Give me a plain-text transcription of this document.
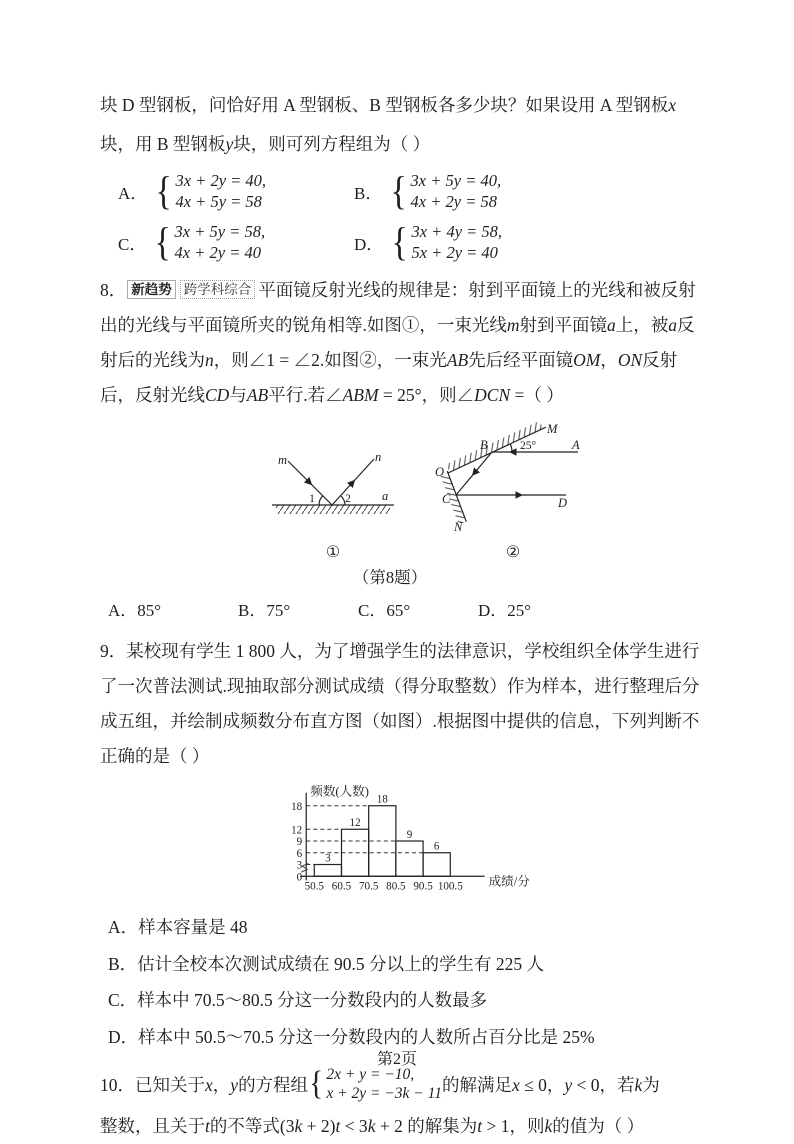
块 D 型钢板，问恰好用 A 型钢板、B 型钢板各多少块？如果设用 A 型钢板x
块，用 B 型钢板y块，则可列方程组为（ ）
A． { 3x + 2y = 40,
4x + 5y = 58	B． { 3x + 5y = 40,
4x + 2y = 58
C． { 3x + 5y = 58,
4x + 2y = 40	D． { 3x + 4y = 58,
5x + 2y = 40
8． 新趋势 跨学科综合 平面镜反射光线的规律是：射到平面镜上的光线和被反射
出的光线与平面镜所夹的锐角相等.如图①，一束光线m射到平面镜a上，被a反
射后的光线为n，则∠1 = ∠2.如图②，一束光AB先后经平面镜OM，ON反射
后，反射光线CD与AB平行.若∠ABM = 25°，则∠DCN =（ ）
m	n
a
1	2
①
M
B	25°	A
O
C
N
D
②
（第8题）
A．85°	B．75°	C．65°	D．25°
9．某校现有学生 1 800 人，为了增强学生的法律意识，学校组织全体学生进行
了一次普法测试.现抽取部分测试成绩（得分取整数）作为样本，进行整理后分
成五组，并绘制成频数分布直方图（如图）.根据图中提供的信息，下列判断不
正确的是（ ）
频数(人数)
成绩/分
0
3
6
9
12
18
3
12
18
9
6
50.5 60.5 70.5 80.5 90.5 100.5
A．样本容量是 48
B．估计全校本次测试成绩在 90.5 分以上的学生有 225 人
C．样本中 70.5～80.5 分这一分数段内的人数最多
D．样本中 50.5～70.5 分这一分数段内的人数所占百分比是 25%
10．已知关于x，y的方程组 { 2x + y = −10,
x + 2y = −3k − 11 的解满足x ≤ 0，y < 0，若k为
整数，且关于t的不等式(3k + 2)t < 3k + 2 的解集为t > 1，则k的值为（ ）
第2页
